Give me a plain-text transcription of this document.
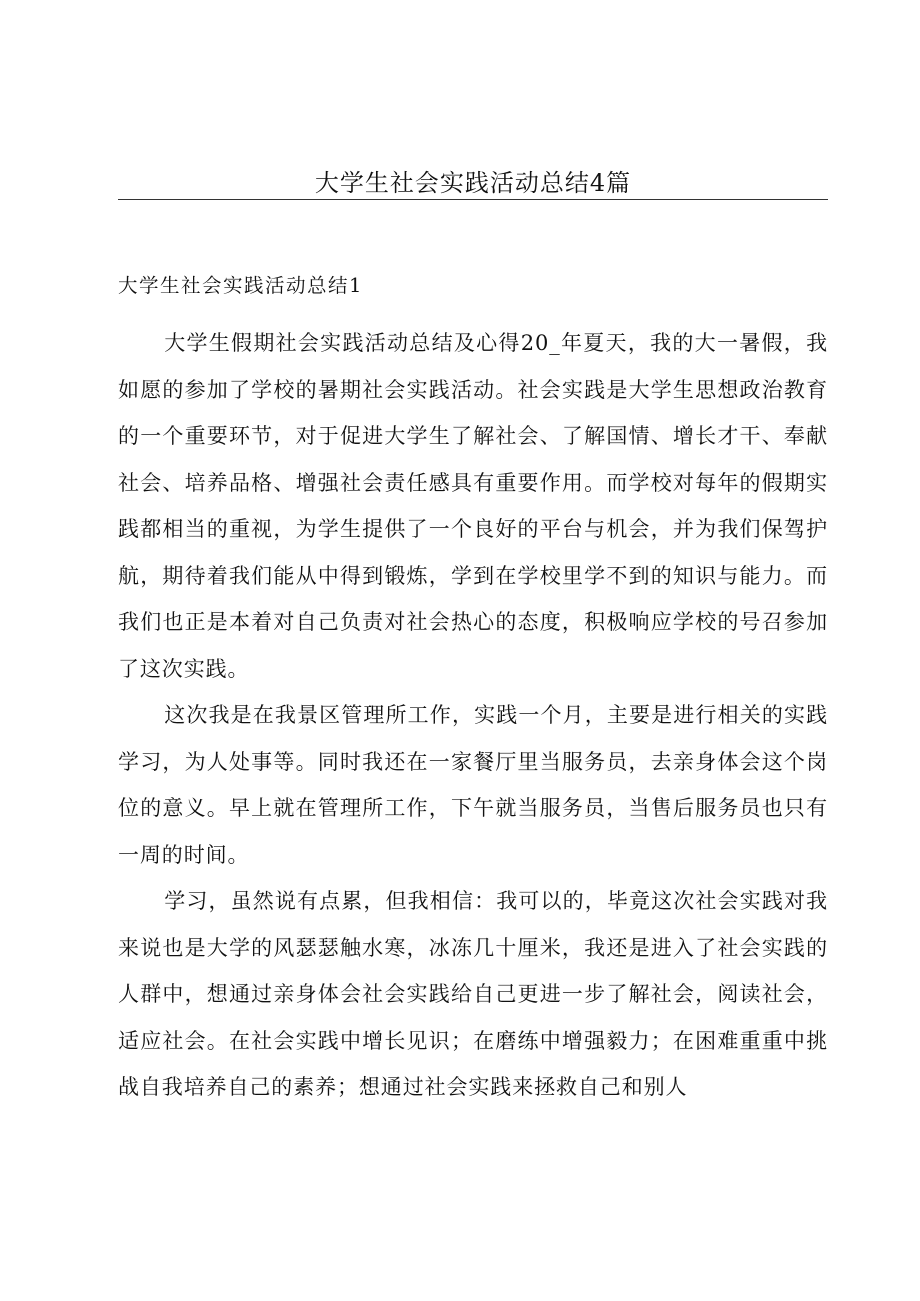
大学生社会实践活动总结4篇
大学生社会实践活动总结1

大学生假期社会实践活动总结及心得20_年夏天，我的大一暑假，我如愿的参加了学校的暑期社会实践活动。社会实践是大学生思想政治教育的一个重要环节，对于促进大学生了解社会、了解国情、增长才干、奉献社会、培养品格、增强社会责任感具有重要作用。而学校对每年的假期实践都相当的重视，为学生提供了一个良好的平台与机会，并为我们保驾护航，期待着我们能从中得到锻炼，学到在学校里学不到的知识与能力。而我们也正是本着对自己负责对社会热心的态度，积极响应学校的号召参加了这次实践。

这次我是在我景区管理所工作，实践一个月，主要是进行相关的实践学习，为人处事等。同时我还在一家餐厅里当服务员，去亲身体会这个岗位的意义。早上就在管理所工作，下午就当服务员，当售后服务员也只有一周的时间。

学习，虽然说有点累，但我相信：我可以的，毕竟这次社会实践对我来说也是大学的风瑟瑟触水寒，冰冻几十厘米，我还是进入了社会实践的人群中，想通过亲身体会社会实践给自己更进一步了解社会，阅读社会，适应社会。在社会实践中增长见识；在磨练中增强毅力；在困难重重中挑战自我培养自己的素养；想通过社会实践来拯救自己和别人
